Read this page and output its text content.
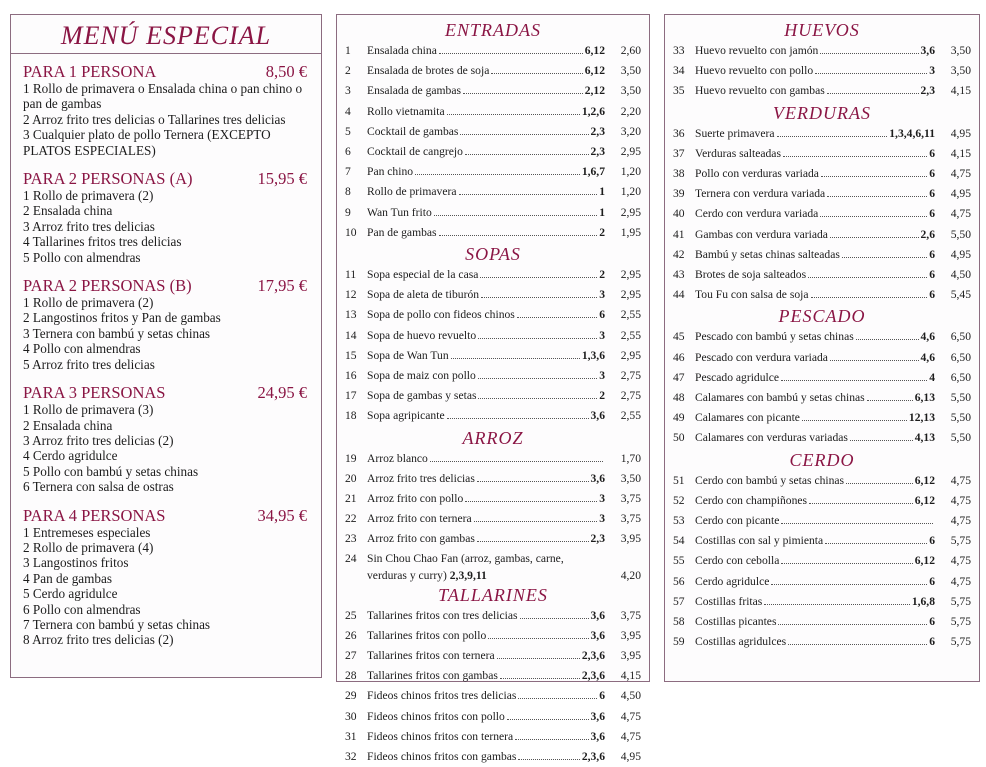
MENÚ ESPECIAL
PARA 1 PERSONA	8,50 €
1 Rollo de primavera o Ensalada china o pan chino o pan de gambas
2 Arroz frito tres delicias o Tallarines tres delicias
3 Cualquier plato de pollo Ternera (EXCEPTO PLATOS ESPECIALES)
PARA 2 PERSONAS (A)	15,95 €
1 Rollo de primavera (2)
2 Ensalada china
3 Arroz frito tres delicias
4 Tallarines fritos tres delicias
5 Pollo con almendras
PARA 2 PERSONAS (B)	17,95 €
1 Rollo de primavera (2)
2 Langostinos fritos y Pan de gambas
3 Ternera con bambú y setas chinas
4 Pollo con almendras
5 Arroz frito tres delicias
PARA 3 PERSONAS	24,95 €
1 Rollo de primavera (3)
2 Ensalada china
3 Arroz frito tres delicias (2)
4 Cerdo agridulce
5 Pollo con bambú y setas chinas
6 Ternera con salsa de ostras
PARA 4 PERSONAS	34,95 €
1 Entremeses especiales
2 Rollo de primavera (4)
3 Langostinos fritos
4 Pan de gambas
5 Cerdo agridulce
6 Pollo con almendras
7 Ternera con bambú y setas chinas
8 Arroz frito tres delicias (2)
ENTRADAS
1	Ensalada china	6,12	2,60
2	Ensalada de brotes de soja	6,12	3,50
3	Ensalada de gambas	2,12	3,50
4	Rollo vietnamita	1,2,6	2,20
5	Cocktail de gambas	2,3	3,20
6	Cocktail de cangrejo	2,3	2,95
7	Pan chino	1,6,7	1,20
8	Rollo de primavera	1	1,20
9	Wan Tun frito	1	2,95
10 Pan de gambas	2	1,95
SOPAS
11 Sopa especial de la casa	2	2,95
12 Sopa de aleta de tiburón	3	2,95
13 Sopa de pollo con fideos chinos	6	2,55
14 Sopa de huevo revuelto	3	2,55
15 Sopa de Wan Tun	1,3,6	2,95
16 Sopa de maiz con pollo	3	2,75
17 Sopa de gambas y setas	2	2,75
18 Sopa agripicante	3,6	2,55
ARROZ
19 Arroz blanco	1,70
20 Arroz frito tres delicias	3,6	3,50
21 Arroz frito con pollo	3	3,75
22 Arroz frito con ternera	3	3,75
23 Arroz frito con gambas	2,3	3,95
24 Sin Chou Chao Fan (arroz, gambas, carne, verduras y curry) 2,3,9,11	4,20
TALLARINES
25 Tallarines fritos con tres delicias	3,6	3,75
26 Tallarines fritos con pollo	3,6	3,95
27 Tallarines fritos con ternera	2,3,6	3,95
28 Tallarines fritos con gambas	2,3,6	4,15
29 Fideos chinos fritos tres delicias	6	4,50
30 Fideos chinos fritos con pollo	3,6	4,75
31 Fideos chinos fritos con ternera	3,6	4,75
32 Fideos chinos fritos con gambas	2,3,6	4,95
HUEVOS
33 Huevo revuelto con jamón	3,6	3,50
34 Huevo revuelto con pollo	3	3,50
35 Huevo revuelto con gambas	2,3	4,15
VERDURAS
36 Suerte primavera	1,3,4,6,11	4,95
37 Verduras salteadas	6	4,15
38 Pollo con verduras variada	6	4,75
39 Ternera con verdura variada	6	4,95
40 Cerdo con verdura variada	6	4,75
41 Gambas con verdura variada	2,6	5,50
42 Bambú y setas chinas salteadas	6	4,95
43 Brotes de soja salteados	6	4,50
44 Tou Fu con salsa de soja	6	5,45
PESCADO
45 Pescado con bambú y setas chinas	4,6	6,50
46 Pescado con verdura variada	4,6	6,50
47 Pescado agridulce	4	6,50
48 Calamares con bambú y setas chinas	6,13	5,50
49 Calamares con picante	12,13	5,50
50 Calamares con verduras variadas	4,13	5,50
CERDO
51 Cerdo con bambú y setas chinas	6,12	4,75
52 Cerdo con champiñones	6,12	4,75
53 Cerdo con picante	4,75
54 Costillas con sal y pimienta	6	5,75
55 Cerdo con cebolla	6,12	4,75
56 Cerdo agridulce	6	4,75
57 Costillas fritas	1,6,8	5,75
58 Costillas picantes	6	5,75
59 Costillas agridulces	6	5,75
